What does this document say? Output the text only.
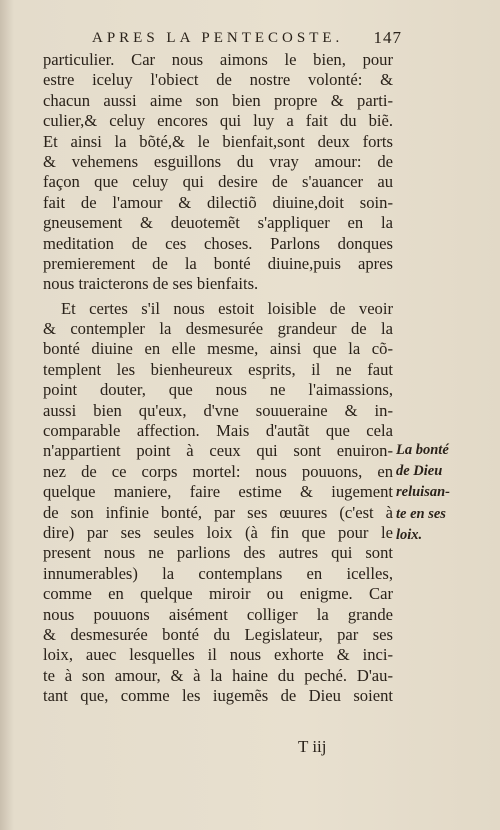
APRES LA PENTECOSTE. 147
particulier. Car nous aimons le bien, pour
estre iceluy l'obiect de nostre volonté: &
chacun aussi aime son bien propre & parti-
culier,& celuy encores qui luy a fait du biẽ.
Et ainsi la bõté,& le bienfait,sont deux forts
& vehemens esguillons du vray amour: de
façon que celuy qui desire de s'auancer au
fait de l'amour & dilectiõ diuine,doit soin-
gneusement & deuotemẽt s'appliquer en la
meditation de ces choses. Parlons donques
premierement de la bonté diuine,puis apres
nous traicterons de ses bienfaits.
Et certes s'il nous estoit loisible de veoir
& contempler la desmesurée grandeur de la
bonté diuine en elle mesme, ainsi que la cõ-
templent les bienheureux esprits, il ne faut
point douter, que nous ne l'aimassions,
aussi bien qu'eux, d'vne souueraine & in-
comparable affection. Mais d'autãt que cela
n'appartient point à ceux qui sont enuiron-
nez de ce corps mortel: nous pouuons, en
quelque maniere, faire estime & iugement
de son infinie bonté, par ses œuures (c'est à
dire) par ses seules loix (à fin que pour le
present nous ne parlions des autres qui sont
innumerables) la contemplans en icelles,
comme en quelque miroir ou enigme. Car
nous pouuons aisément colliger la grande
& desmesurée bonté du Legislateur, par ses
loix, auec lesquelles il nous exhorte & inci-
te à son amour, & à la haine du peché. D'au-
tant que, comme les iugemẽs de Dieu soient
La bonté
de Dieu
reluisan-
te en ses
loix.
T iij
